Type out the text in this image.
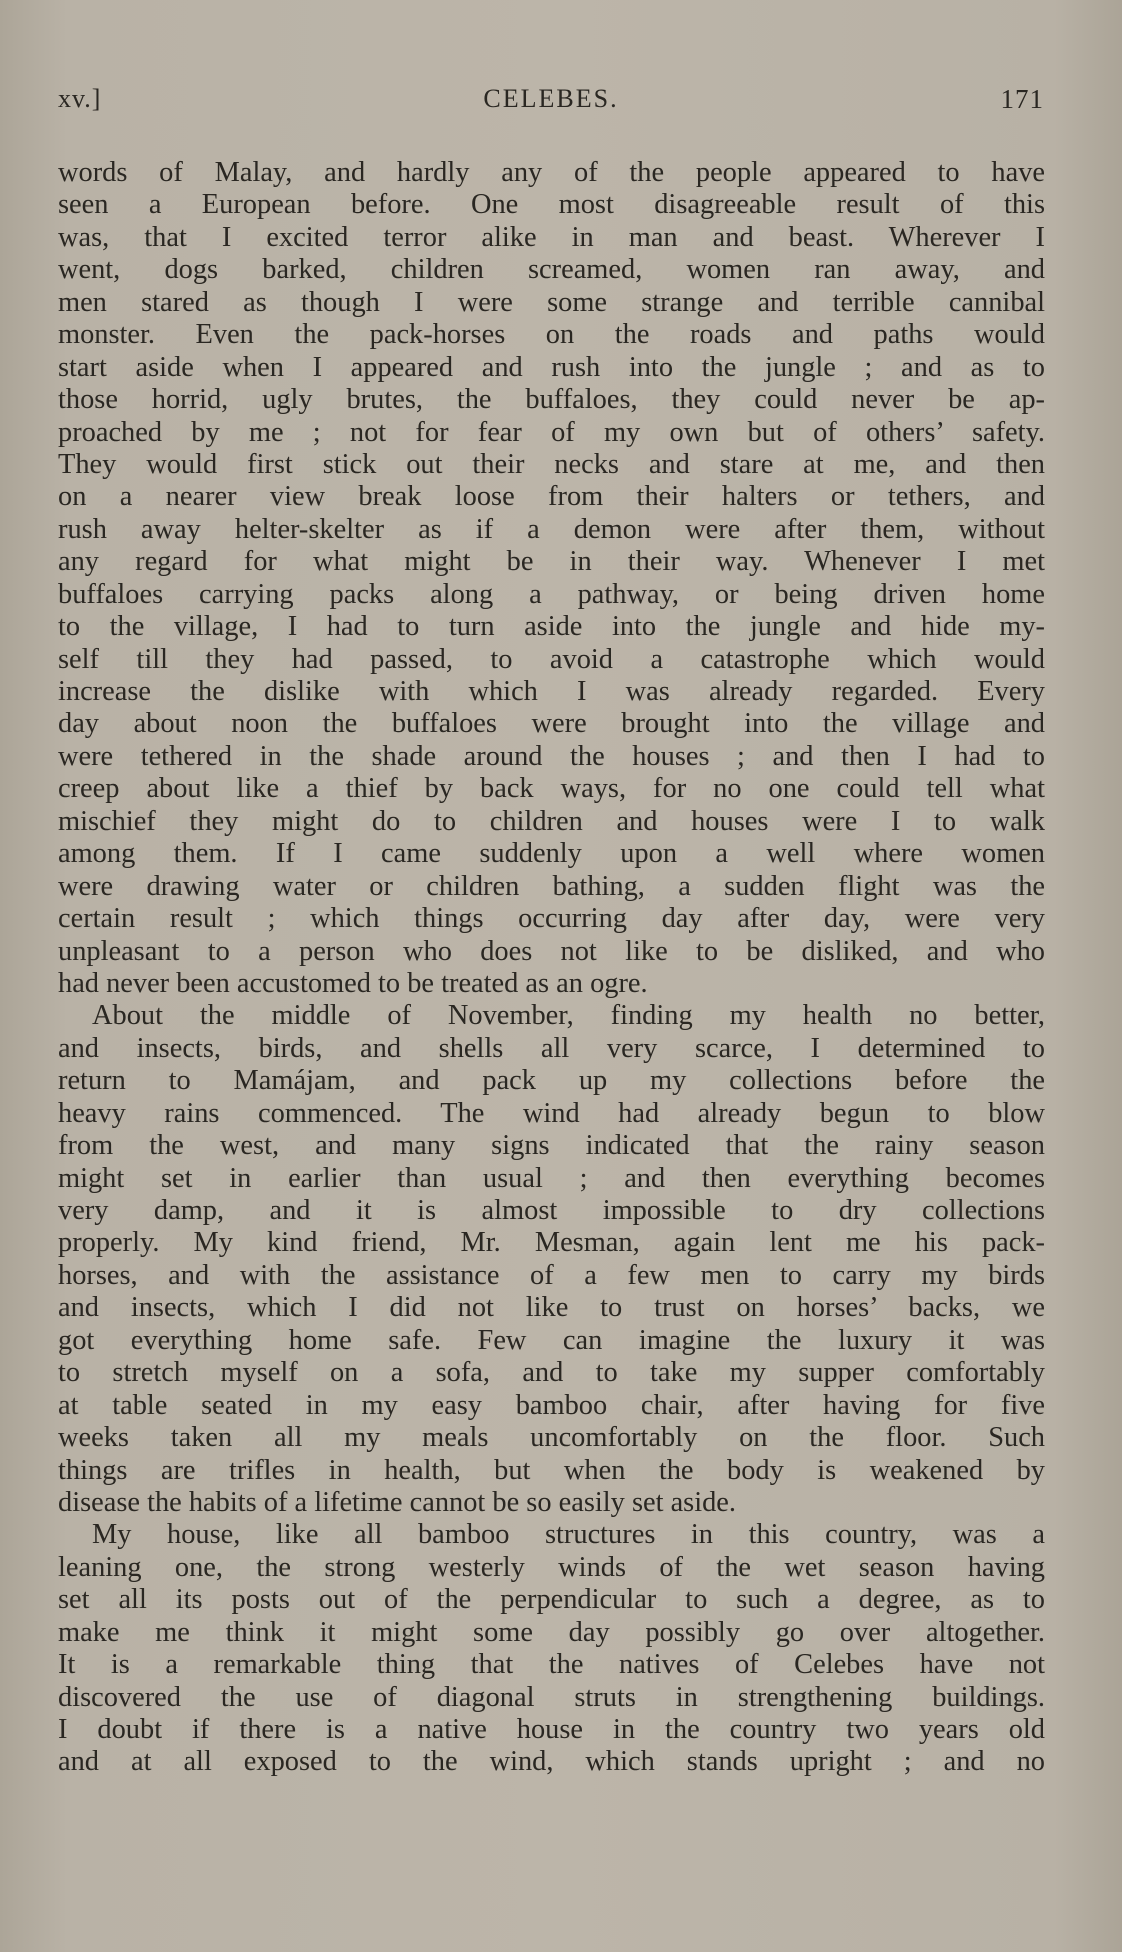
xv.]	CELEBES.	171
words of Malay, and hardly any of the people appeared to have
seen a European before. One most disagreeable result of this
was, that I excited terror alike in man and beast. Wherever I
went, dogs barked, children screamed, women ran away, and
men stared as though I were some strange and terrible cannibal
monster. Even the pack-horses on the roads and paths would
start aside when I appeared and rush into the jungle ; and as to
those horrid, ugly brutes, the buffaloes, they could never be ap-
proached by me ; not for fear of my own but of others’ safety.
They would first stick out their necks and stare at me, and then
on a nearer view break loose from their halters or tethers, and
rush away helter-skelter as if a demon were after them, without
any regard for what might be in their way. Whenever I met
buffaloes carrying packs along a pathway, or being driven home
to the village, I had to turn aside into the jungle and hide my-
self till they had passed, to avoid a catastrophe which would
increase the dislike with which I was already regarded. Every
day about noon the buffaloes were brought into the village and
were tethered in the shade around the houses ; and then I had to
creep about like a thief by back ways, for no one could tell what
mischief they might do to children and houses were I to walk
among them. If I came suddenly upon a well where women
were drawing water or children bathing, a sudden flight was the
certain result ; which things occurring day after day, were very
unpleasant to a person who does not like to be disliked, and who
had never been accustomed to be treated as an ogre.
About the middle of November, finding my health no better,
and insects, birds, and shells all very scarce, I determined to
return to Mamájam, and pack up my collections before the
heavy rains commenced. The wind had already begun to blow
from the west, and many signs indicated that the rainy season
might set in earlier than usual ; and then everything becomes
very damp, and it is almost impossible to dry collections
properly. My kind friend, Mr. Mesman, again lent me his pack-
horses, and with the assistance of a few men to carry my birds
and insects, which I did not like to trust on horses’ backs, we
got everything home safe. Few can imagine the luxury it was
to stretch myself on a sofa, and to take my supper comfortably
at table seated in my easy bamboo chair, after having for five
weeks taken all my meals uncomfortably on the floor. Such
things are trifles in health, but when the body is weakened by
disease the habits of a lifetime cannot be so easily set aside.
My house, like all bamboo structures in this country, was a
leaning one, the strong westerly winds of the wet season having
set all its posts out of the perpendicular to such a degree, as to
make me think it might some day possibly go over altogether.
It is a remarkable thing that the natives of Celebes have not
discovered the use of diagonal struts in strengthening buildings.
I doubt if there is a native house in the country two years old
and at all exposed to the wind, which stands upright ; and no
